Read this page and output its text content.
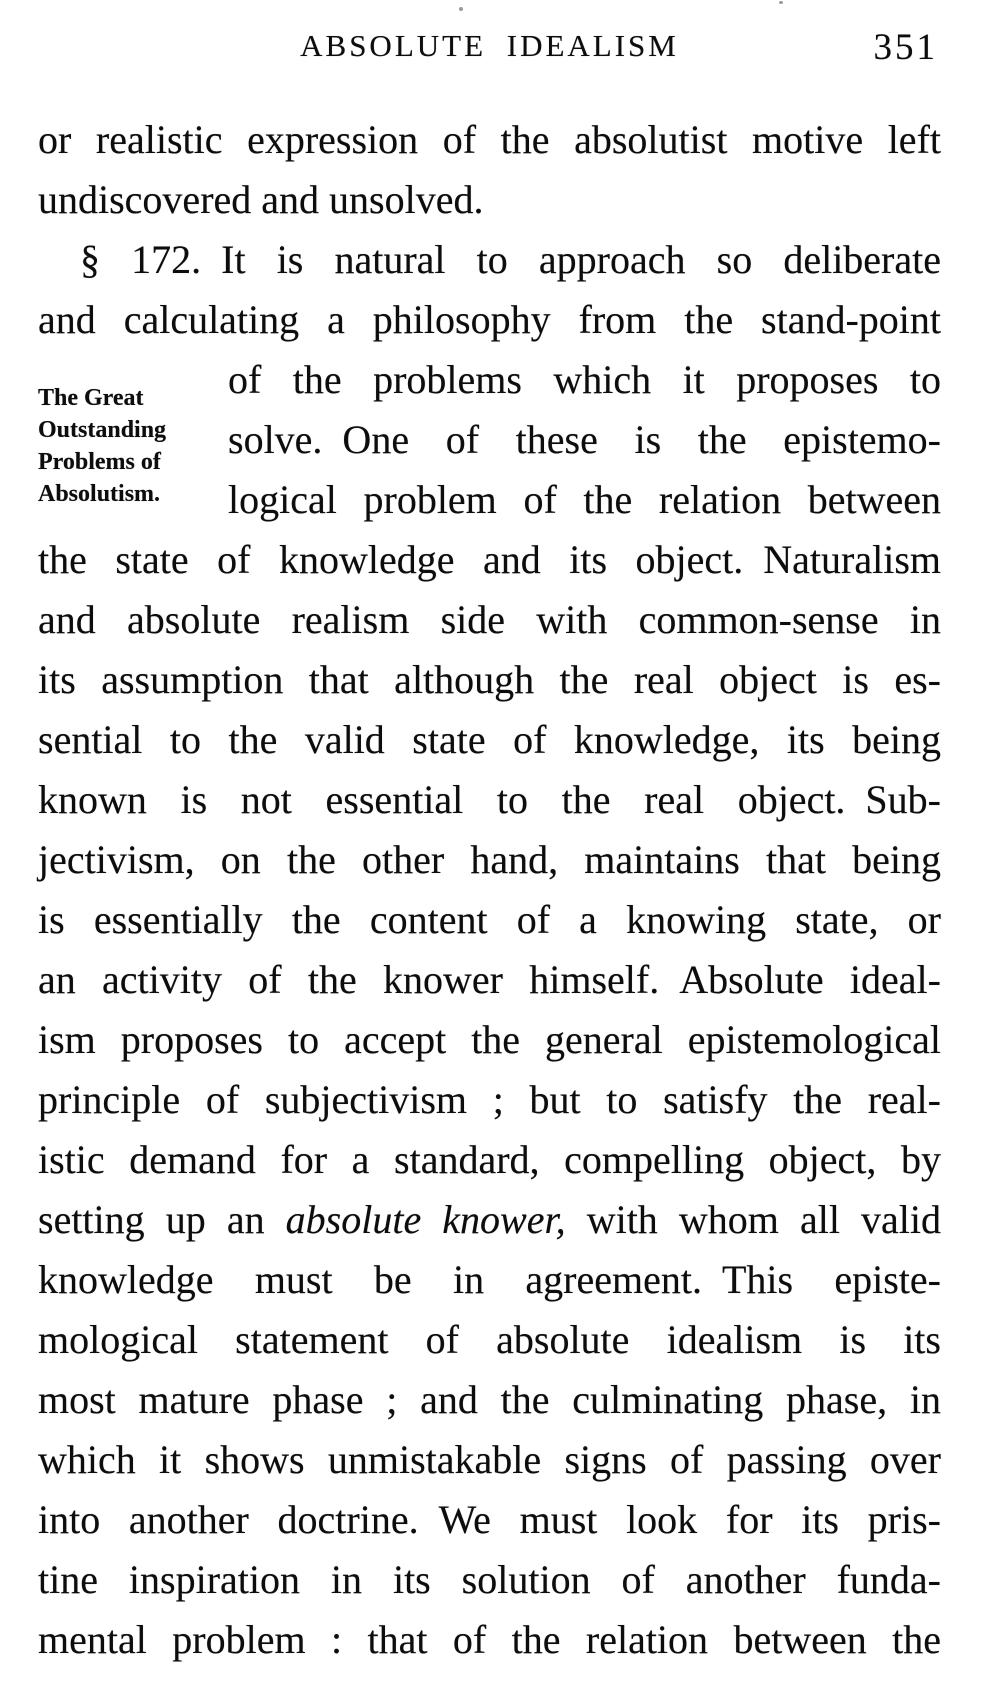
ABSOLUTE IDEALISM	351
The Great
Outstanding
Problems of
Absolutism.
or realistic expression of the absolutist motive left
undiscovered and unsolved.
§ 172. It is natural to approach so deliberate
and calculating a philosophy from the stand-point
of the problems which it proposes to
solve. One of these is the epistemo-
logical problem of the relation between
the state of knowledge and its object. Naturalism
and absolute realism side with common-sense in
its assumption that although the real object is es-
sential to the valid state of knowledge, its being
known is not essential to the real object. Sub-
jectivism, on the other hand, maintains that being
is essentially the content of a knowing state, or
an activity of the knower himself. Absolute ideal-
ism proposes to accept the general epistemological
principle of subjectivism ; but to satisfy the real-
istic demand for a standard, compelling object, by
setting up an absolute knower, with whom all valid
knowledge must be in agreement. This episte-
mological statement of absolute idealism is its
most mature phase ; and the culminating phase, in
which it shows unmistakable signs of passing over
into another doctrine. We must look for its pris-
tine inspiration in its solution of another funda-
mental problem : that of the relation between the
